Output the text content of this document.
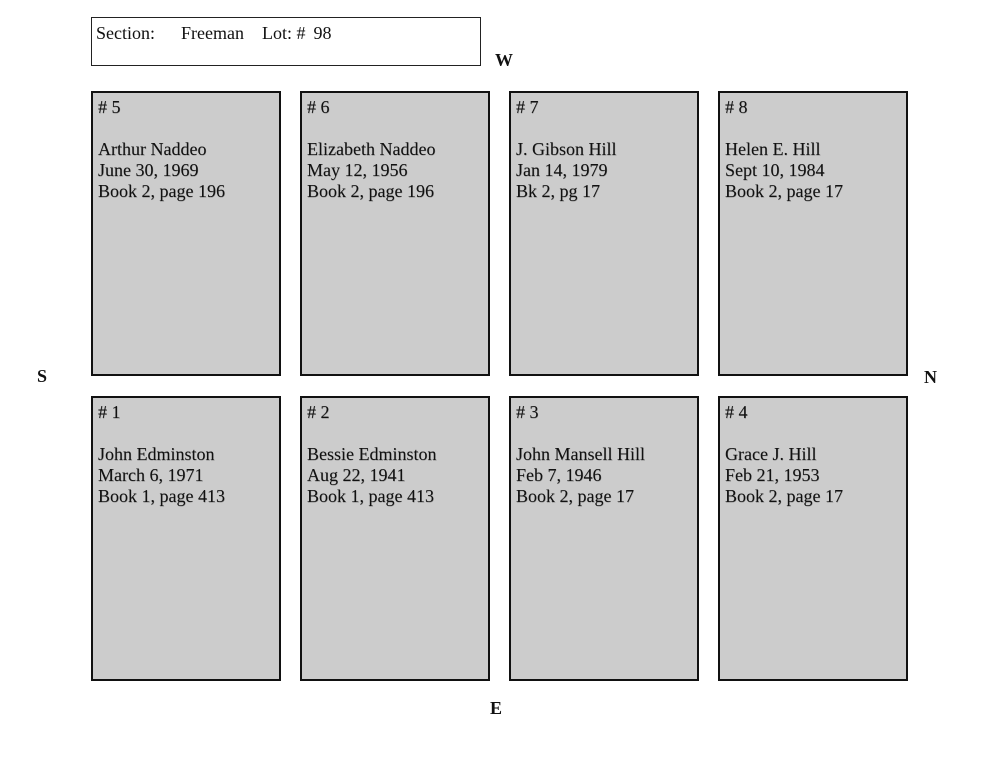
Section: Freeman Lot: # 98
W
S	N
E
# 5
Arthur Naddeo
June 30, 1969
Book 2, page 196
# 6
Elizabeth Naddeo
May 12, 1956
Book 2, page 196
# 7
J. Gibson Hill
Jan 14, 1979
Bk 2, pg 17
# 8
Helen E. Hill
Sept 10, 1984
Book 2, page 17
# 1
John Edminston
March 6, 1971
Book 1, page 413
# 2
Bessie Edminston
Aug 22, 1941
Book 1, page 413
# 3
John Mansell Hill
Feb 7, 1946
Book 2, page 17
# 4
Grace J. Hill
Feb 21, 1953
Book 2, page 17
